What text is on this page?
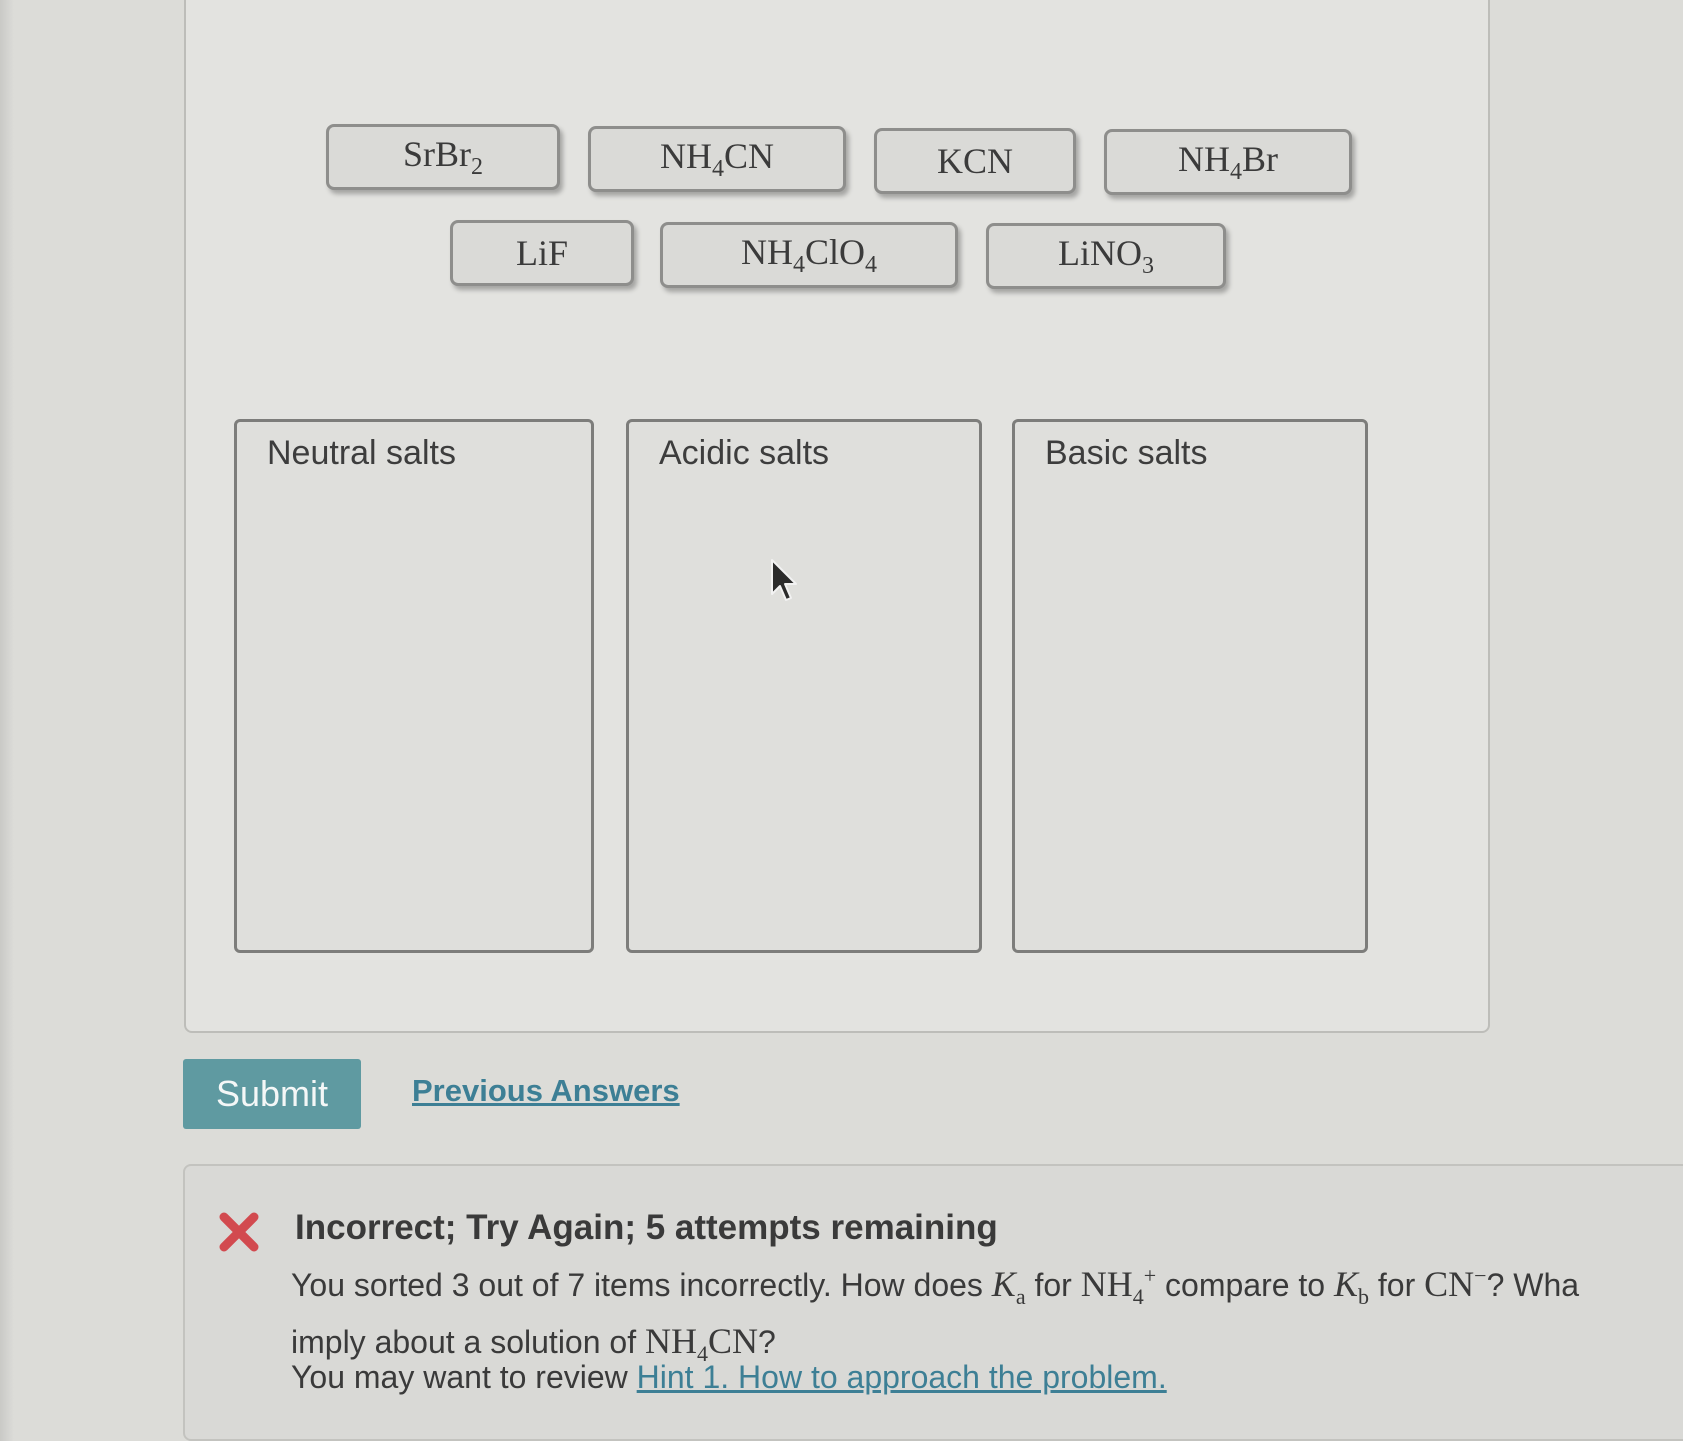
SrBr$_2$	$NH_4CN$	KCN	$NH_4Br$
LiF	$NH_4ClO_4$	LiNO$_3$
Neutral salts	Acidic salts	Basic salts
Submit	Previous Answers
Incorrect; Try Again; 5 attempts remaining
You sorted 3 out of 7 items incorrectly. How does $K_a$ for $NH_4^+$ compare to $K_b$ for CN−? Wha
imply about a solution of $NH_4CN$?
You may want to review Hint 1. How to approach the problem.
